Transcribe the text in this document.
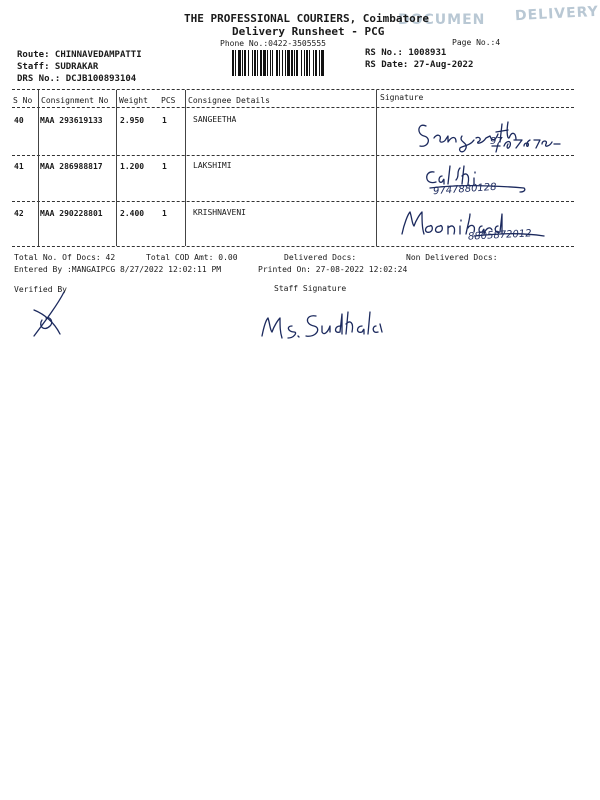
DOCUMEN DELIVERY
THE PROFESSIONAL COURIERS, Coimbatore
Delivery Runsheet - PCG
Phone No.:0422-3505555	Page No.:4
Route: CHINNAVEDAMPATTI
Staff: SUDRAKAR
DRS No.: DCJB100893104
RS No.: 1008931
RS Date: 27-Aug-2022
S No Consignment No Weight PCS Consignee Details	Signature
40 MAA 293619133 2.950 1	SANGEETHA
41 MAA 286988817 1.200 1	LAKSHIMI
42 MAA 290228801 2.400 1	KRISHNAVENI
97
9747880128
8805872012
Total No. Of Docs: 42	Total COD Amt: 0.00	Delivered Docs:	Non Delivered Docs:
Entered By :MANGAIPCG 8/27/2022 12:02:11 PM	Printed On: 27-08-2022 12:02:24
Verified By	Staff Signature
